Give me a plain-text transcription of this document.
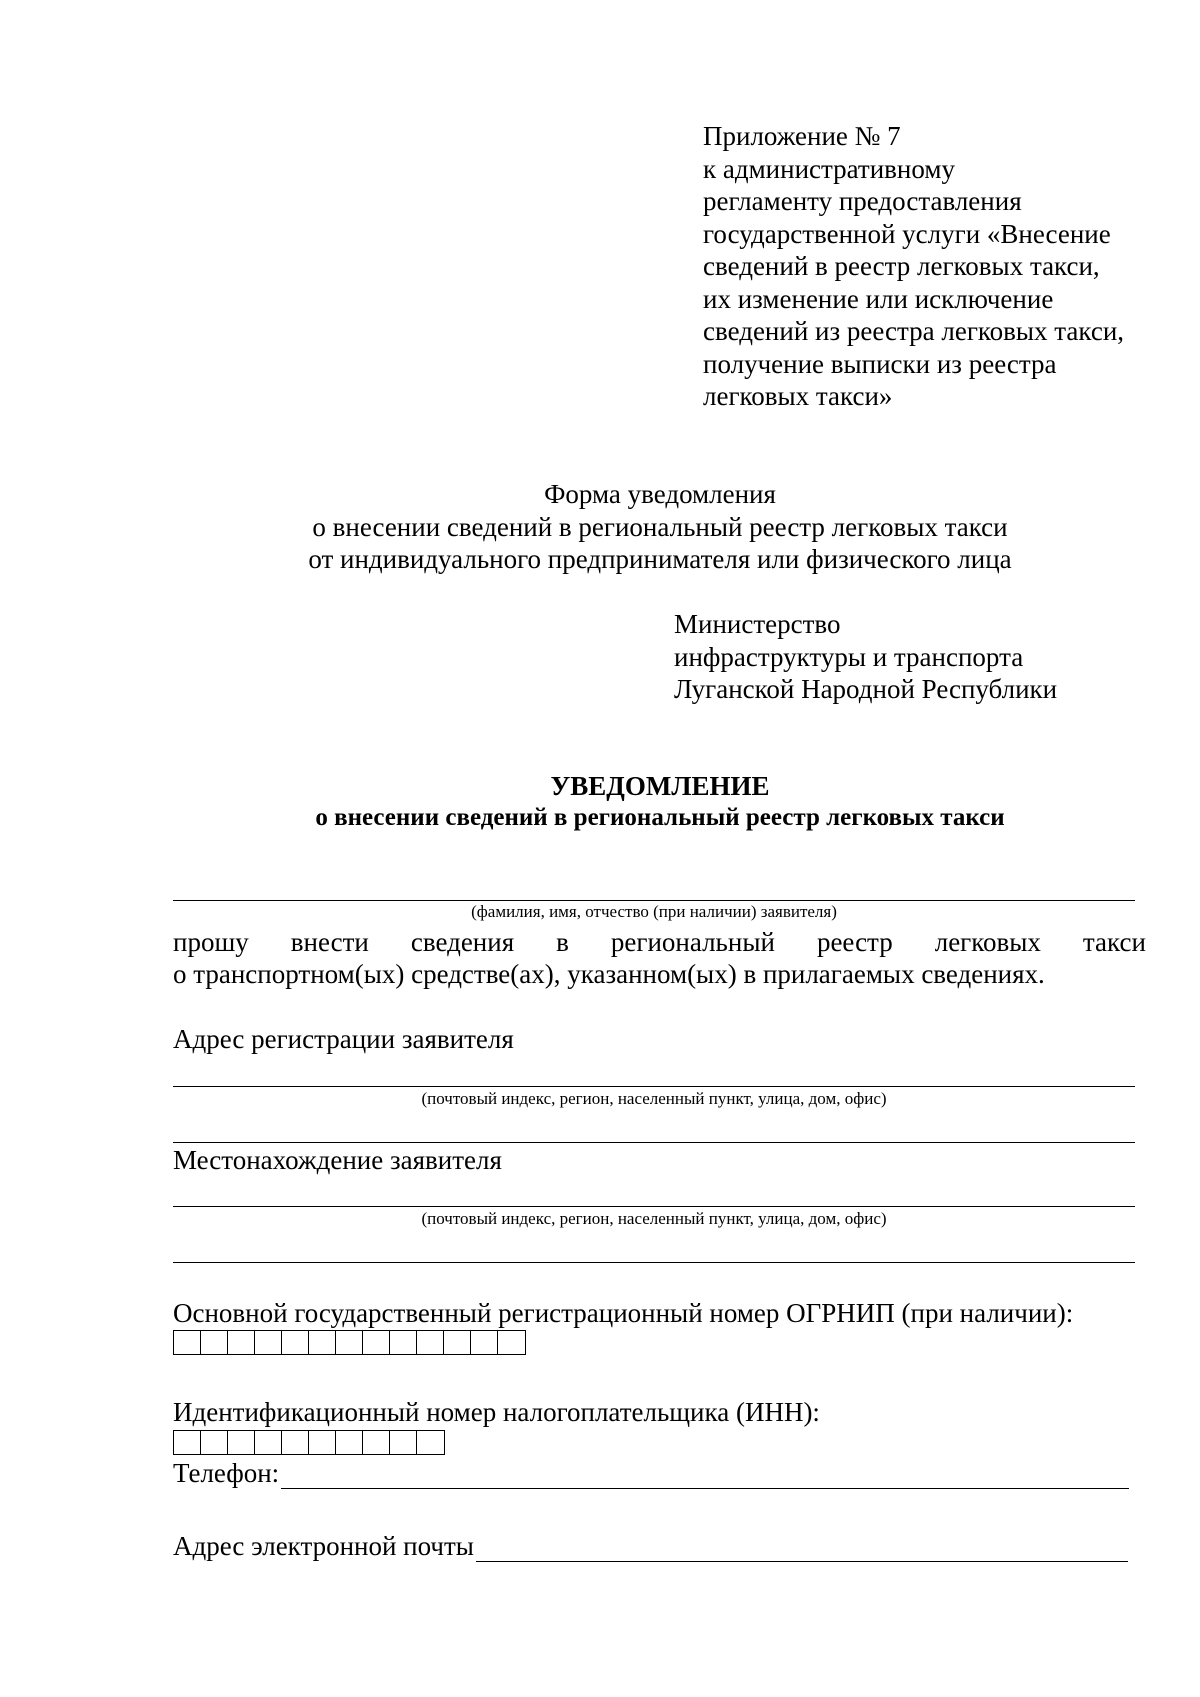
Приложение № 7
к административному
регламенту предоставления
государственной услуги «Внесение
сведений в реестр легковых такси,
их изменение или исключение
сведений из реестра легковых такси,
получение выписки из реестра
легковых такси»
Форма уведомления
о внесении сведений в региональный реестр легковых такси
от индивидуального предпринимателя или физического лица
Министерство
инфраструктуры и транспорта
Луганской Народной Республики
УВЕДОМЛЕНИЕ
о внесении сведений в региональный реестр легковых такси
(фамилия, имя, отчество (при наличии) заявителя)
прошу внести сведения в региональный реестр легковых такси
о транспортном(ых) средстве(ах), указанном(ых) в прилагаемых сведениях.
Адрес регистрации заявителя
(почтовый индекс, регион, населенный пункт, улица, дом, офис)
Местонахождение заявителя
(почтовый индекс, регион, населенный пункт, улица, дом, офис)
Основной государственный регистрационный номер ОГРНИП (при наличии):
Идентификационный номер налогоплательщика (ИНН):
Телефон:
Адрес электронной почты
